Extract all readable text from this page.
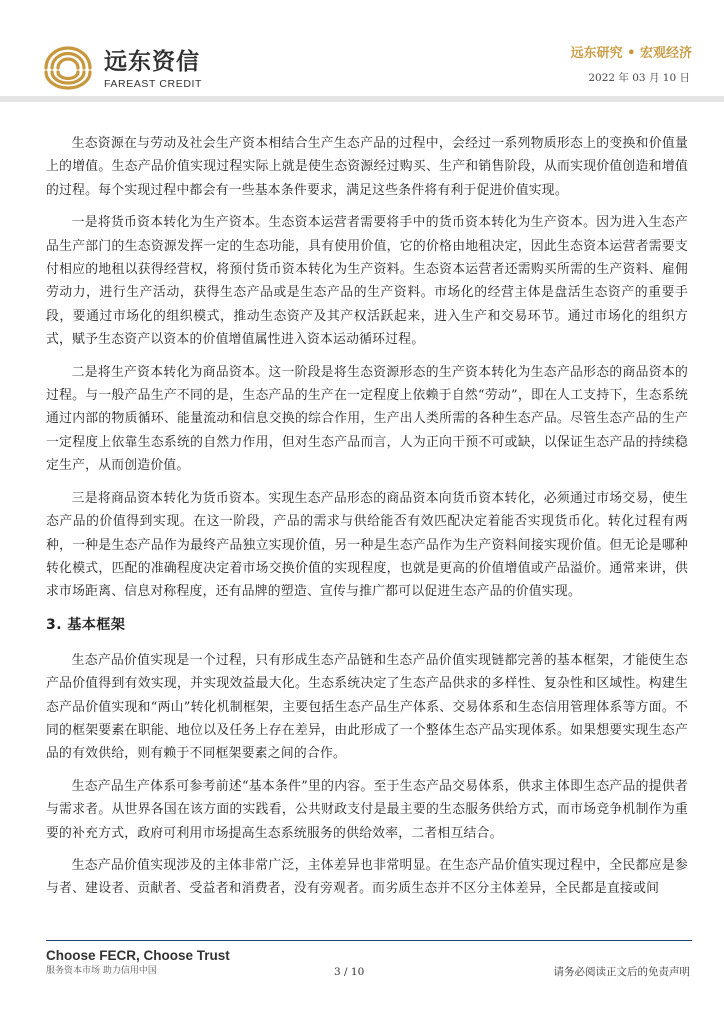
远东资信
FAREAST CREDIT
远东研究 • 宏观经济
2022 年 03 月 10 日

生态资源在与劳动及社会生产资本相结合生产生态产品的过程中，会经过一系列物质形态上的变换和价值量上的增值。生态产品价值实现过程实际上就是使生态资源经过购买、生产和销售阶段，从而实现价值创造和增值的过程。每个实现过程中都会有一些基本条件要求，满足这些条件将有利于促进价值实现。

一是将货币资本转化为生产资本。生态资本运营者需要将手中的货币资本转化为生产资本。因为进入生态产品生产部门的生态资源发挥一定的生态功能，具有使用价值，它的价格由地租决定，因此生态资本运营者需要支付相应的地租以获得经营权，将预付货币资本转化为生产资料。生态资本运营者还需购买所需的生产资料、雇佣劳动力，进行生产活动，获得生态产品或是生态产品的生产资料。市场化的经营主体是盘活生态资产的重要手段，要通过市场化的组织模式，推动生态资产及其产权活跃起来，进入生产和交易环节。通过市场化的组织方式，赋予生态资产以资本的价值增值属性进入资本运动循环过程。

二是将生产资本转化为商品资本。这一阶段是将生态资源形态的生产资本转化为生态产品形态的商品资本的过程。与一般产品生产不同的是，生态产品的生产在一定程度上依赖于自然“劳动”，即在人工支持下，生态系统通过内部的物质循环、能量流动和信息交换的综合作用，生产出人类所需的各种生态产品。尽管生态产品的生产一定程度上依靠生态系统的自然力作用，但对生态产品而言，人为正向干预不可或缺，以保证生态产品的持续稳定生产，从而创造价值。

三是将商品资本转化为货币资本。实现生态产品形态的商品资本向货币资本转化，必须通过市场交易，使生态产品的价值得到实现。在这一阶段，产品的需求与供给能否有效匹配决定着能否实现货币化。转化过程有两种，一种是生态产品作为最终产品独立实现价值，另一种是生态产品作为生产资料间接实现价值。但无论是哪种转化模式，匹配的准确程度决定着市场交换价值的实现程度，也就是更高的价值增值或产品溢价。通常来讲，供求市场距离、信息对称程度，还有品牌的塑造、宣传与推广都可以促进生态产品的价值实现。

3. 基本框架

生态产品价值实现是一个过程，只有形成生态产品链和生态产品价值实现链都完善的基本框架，才能使生态产品价值得到有效实现，并实现效益最大化。生态系统决定了生态产品供求的多样性、复杂性和区域性。构建生态产品价值实现和“两山”转化机制框架，主要包括生态产品生产体系、交易体系和生态信用管理体系等方面。不同的框架要素在职能、地位以及任务上存在差异，由此形成了一个整体生态产品实现体系。如果想要实现生态产品的有效供给，则有赖于不同框架要素之间的合作。

生态产品生产体系可参考前述“基本条件”里的内容。至于生态产品交易体系，供求主体即生态产品的提供者与需求者。从世界各国在该方面的实践看，公共财政支付是最主要的生态服务供给方式，而市场竞争机制作为重要的补充方式，政府可利用市场提高生态系统服务的供给效率，二者相互结合。

生态产品价值实现涉及的主体非常广泛，主体差异也非常明显。在生态产品价值实现过程中，全民都应是参与者、建设者、贡献者、受益者和消费者，没有旁观者。而劣质生态并不区分主体差异，全民都是直接或间

Choose FECR, Choose Trust
服务资本市场 助力信用中国	3 / 10	请务必阅读正文后的免责声明
